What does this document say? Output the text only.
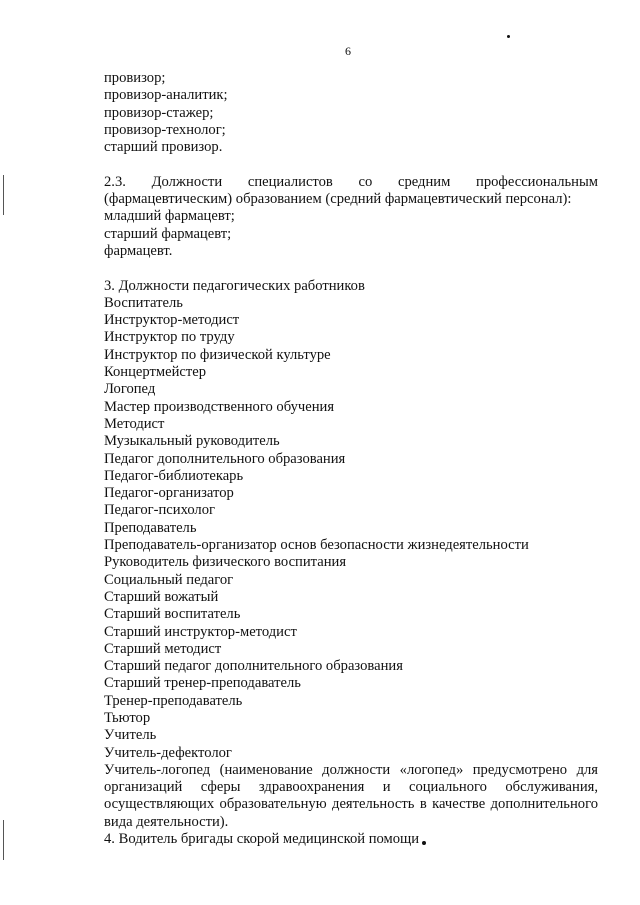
6
провизор;
провизор-аналитик;
провизор-стажер;
провизор-технолог;
старший провизор.
2.3. Должности специалистов со средним профессиональным
(фармацевтическим) образованием (средний фармацевтический персонал):
младший фармацевт;
старший фармацевт;
фармацевт.
3. Должности педагогических работников
Воспитатель
Инструктор-методист
Инструктор по труду
Инструктор по физической культуре
Концертмейстер
Логопед
Мастер производственного обучения
Методист
Музыкальный руководитель
Педагог дополнительного образования
Педагог-библиотекарь
Педагог-организатор
Педагог-психолог
Преподаватель
Преподаватель-организатор основ безопасности жизнедеятельности
Руководитель физического воспитания
Социальный педагог
Старший вожатый
Старший воспитатель
Старший инструктор-методист
Старший методист
Старший педагог дополнительного образования
Старший тренер-преподаватель
Тренер-преподаватель
Тьютор
Учитель
Учитель-дефектолог
Учитель-логопед (наименование должности «логопед» предусмотрено для организаций сферы здравоохранения и социального обслуживания, осуществляющих образовательную деятельность в качестве дополнительного вида деятельности).
4. Водитель бригады скорой медицинской помощи
